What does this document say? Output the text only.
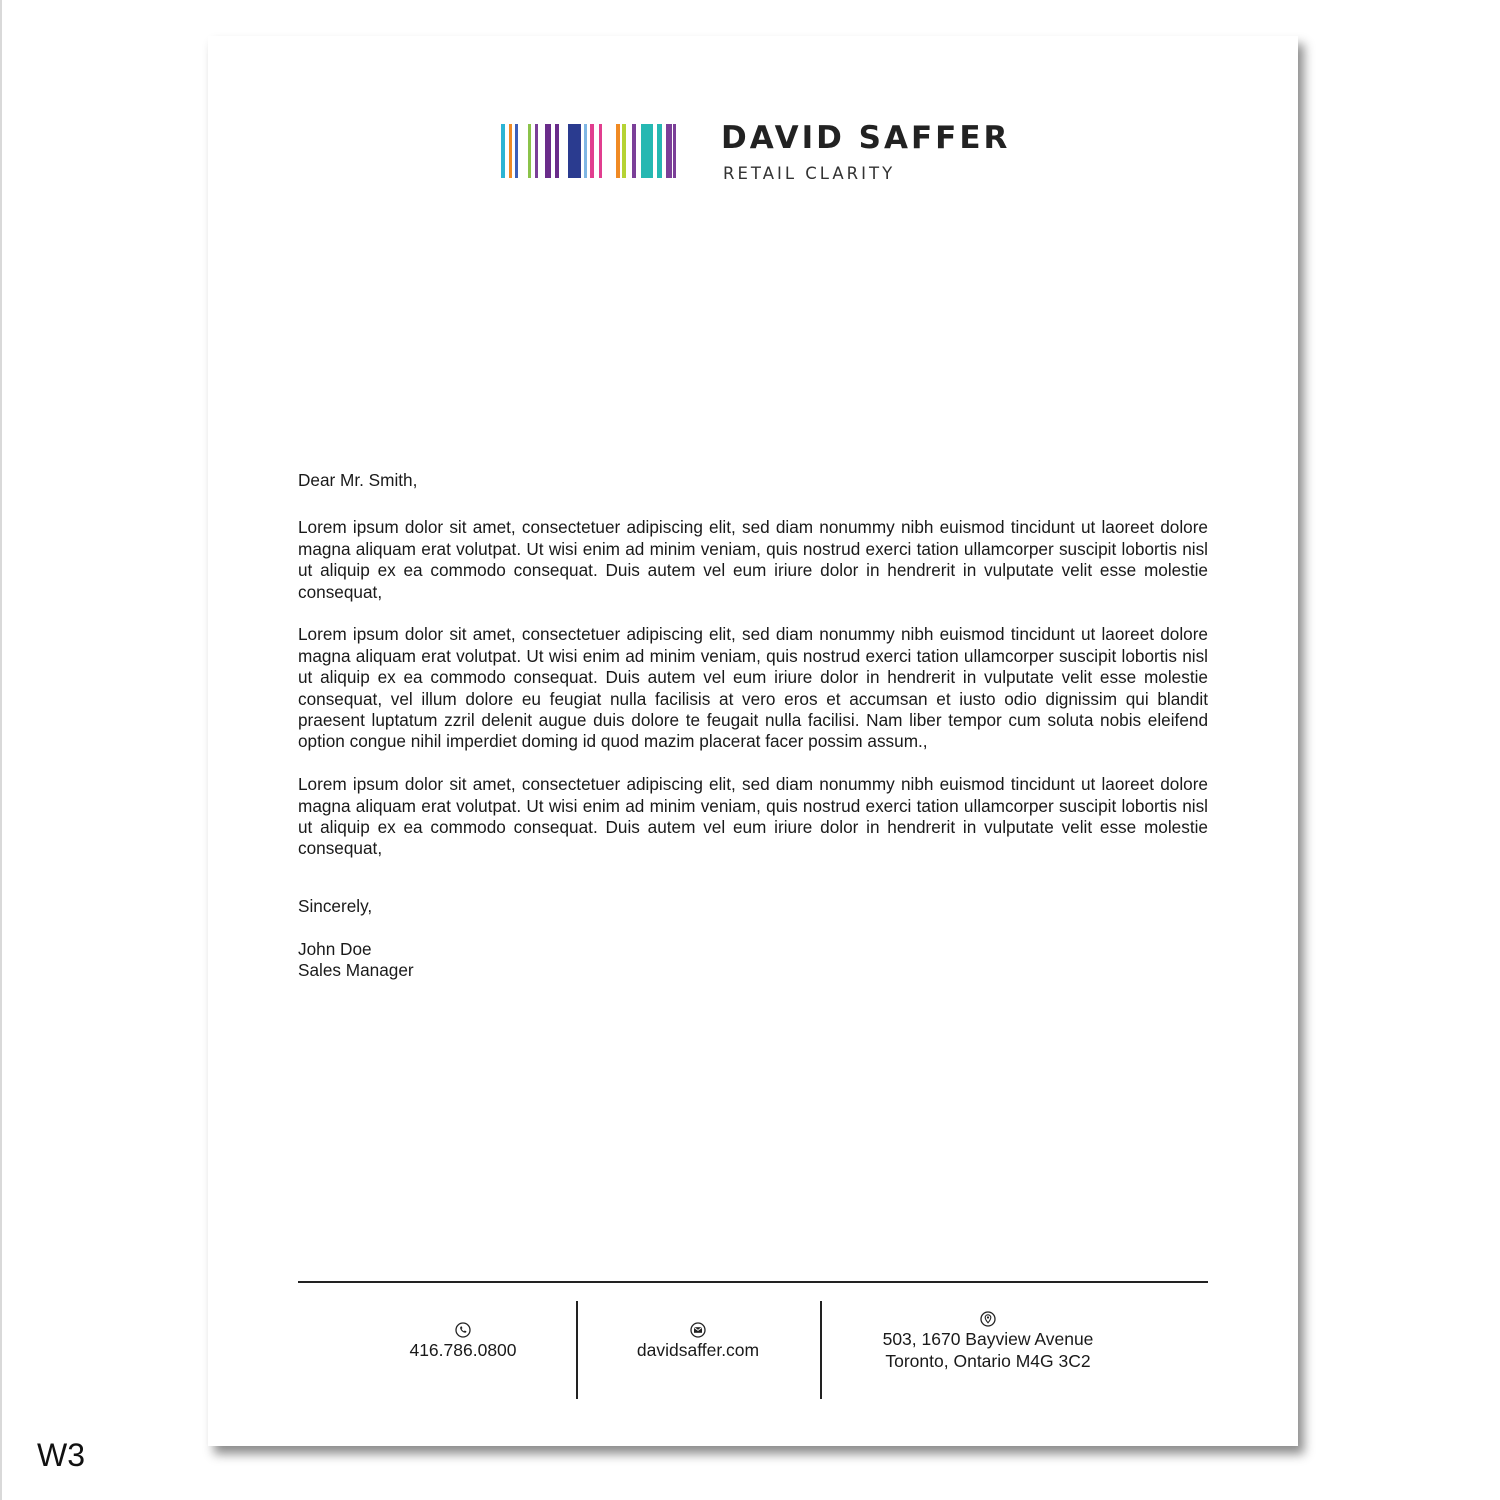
DAVID SAFFER
RETAIL CLARITY

Dear Mr. Smith,

Lorem ipsum dolor sit amet, consectetuer adipiscing elit, sed diam nonummy nibh euismod tincidunt ut laoreet dolore magna aliquam erat volutpat. Ut wisi enim ad minim veniam, quis nostrud exerci tation ullamcorper suscipit lobortis nisl ut aliquip ex ea commodo consequat. Duis autem vel eum iriure dolor in hendrerit in vulputate velit esse molestie consequat,

Lorem ipsum dolor sit amet, consectetuer adipiscing elit, sed diam nonummy nibh euismod tincidunt ut laoreet dolore magna aliquam erat volutpat. Ut wisi enim ad minim veniam, quis nostrud exerci tation ullamcorper suscipit lobortis nisl ut aliquip ex ea commodo consequat. Duis autem vel eum iriure dolor in hendrerit in vulputate velit esse molestie consequat, vel illum dolore eu feugiat nulla facilisis at vero eros et accumsan et iusto odio dignissim qui blandit praesent luptatum zzril delenit augue duis dolore te feugait nulla facilisi. Nam liber tempor cum soluta nobis eleifend option congue nihil imperdiet doming id quod mazim placerat facer possim assum.,

Lorem ipsum dolor sit amet, consectetuer adipiscing elit, sed diam nonummy nibh euismod tincidunt ut laoreet dolore magna aliquam erat volutpat. Ut wisi enim ad minim veniam, quis nostrud exerci tation ullamcorper suscipit lobortis nisl ut aliquip ex ea commodo consequat. Duis autem vel eum iriure dolor in hendrerit in vulputate velit esse molestie consequat,

Sincerely,

John Doe
Sales Manager

416.786.0800	davidsaffer.com
503, 1670 Bayview Avenue Toronto, Ontario M4G 3C2
W3
